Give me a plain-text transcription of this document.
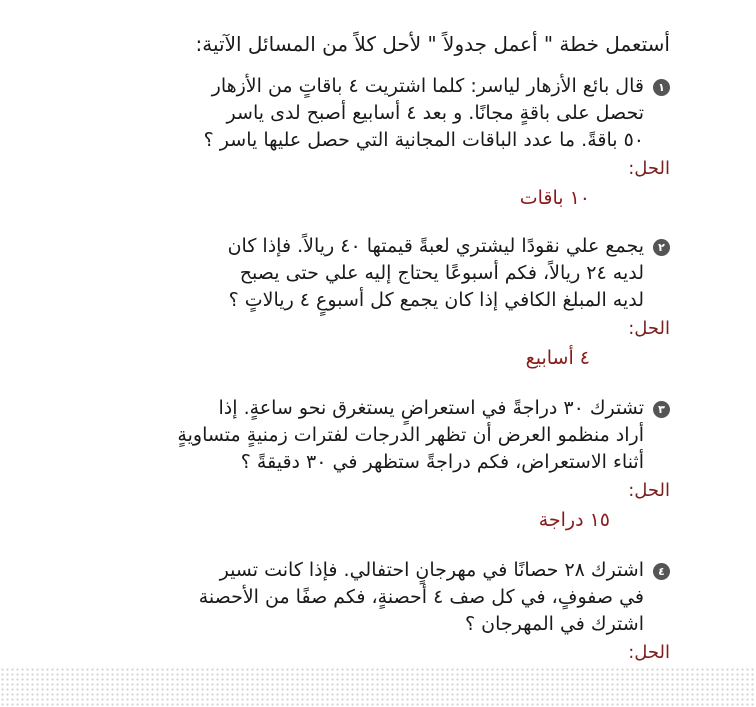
أستعمل خطة " أعمل جدولاً " لأحل كلاً من المسائل الآتية:
١
قال بائع الأزهار لياسر: كلما اشتريت ٤ باقاتٍ من الأزهار
تحصل على باقةٍ مجانًا. و بعد ٤ أسابيع أصبح لدى ياسر
٥٠ باقةً. ما عدد الباقات المجانية التي حصل عليها ياسر ؟
الحل:
١٠ باقات
٢
يجمع علي نقودًا ليشتري لعبةً قيمتها ٤٠ ريالاً. فإذا كان
لديه ٢٤ ريالاً، فكم أسبوعًا يحتاج إليه علي حتى يصبح
لديه المبلغ الكافي إذا كان يجمع كل أسبوعٍ ٤ ريالاتٍ ؟
الحل:
٤ أسابيع
٣
تشترك ٣٠ دراجةً في استعراضٍ يستغرق نحو ساعةٍ. إذا
أراد منظمو العرض أن تظهر الدرجات لفترات زمنيةٍ متساويةٍ
أثناء الاستعراض، فكم دراجةً ستظهر في ٣٠ دقيقةً ؟
الحل:
١٥ دراجة
٤
اشترك ٢٨ حصانًا في مهرجانٍ احتفالي. فإذا كانت تسير
في صفوفٍ، في كل صف ٤ أحصنةٍ، فكم صفًا من الأحصنة
اشترك في المهرجان ؟
الحل:
